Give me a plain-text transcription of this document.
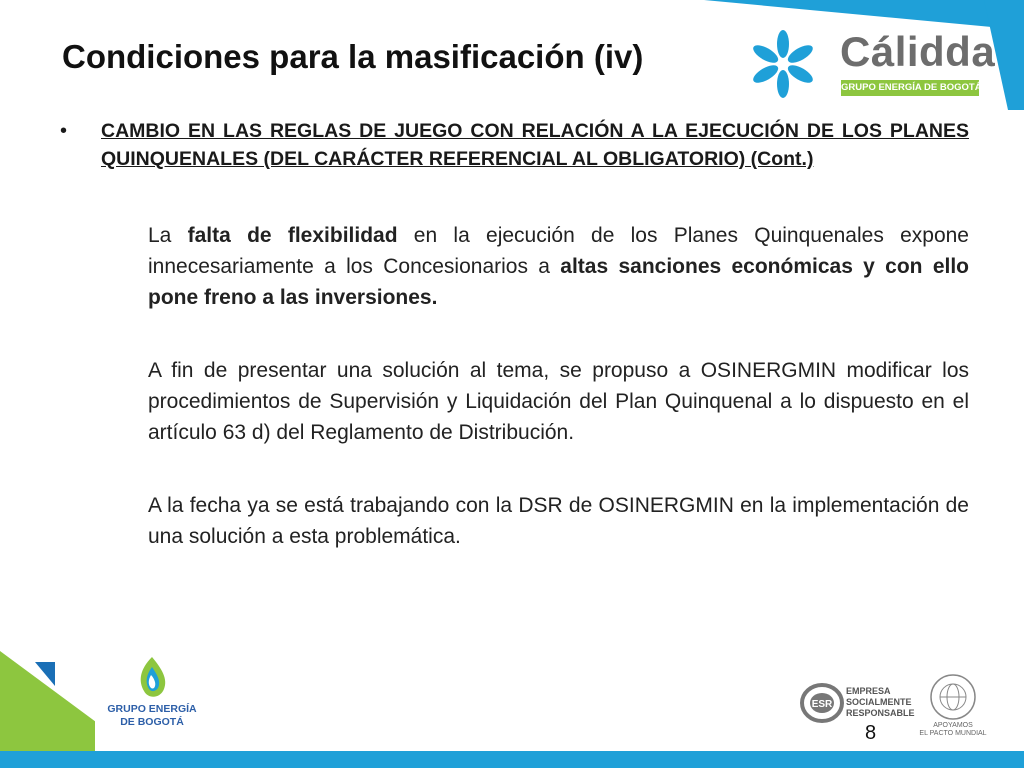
Condiciones para la masificación (iv)	Cálidda
GRUPO ENERGÍA DE BOGOTÁ
• CAMBIO EN LAS REGLAS DE JUEGO CON RELACIÓN A LA EJECUCIÓN DE LOS PLANES QUINQUENALES (DEL CARÁCTER REFERENCIAL AL OBLIGATORIO) (Cont.)
La falta de flexibilidad en la ejecución de los Planes Quinquenales expone innecesariamente a los Concesionarios a altas sanciones económicas y con ello pone freno a las inversiones.
A fin de presentar una solución al tema, se propuso a OSINERGMIN modificar los procedimientos de Supervisión y Liquidación del Plan Quinquenal a lo dispuesto en el artículo 63 d) del Reglamento de Distribución.
A la fecha ya se está trabajando con la DSR de OSINERGMIN en la implementación de una solución a esta problemática.
GRUPO ENERGÍA
DE BOGOTÁ
ESR
EMPRESA
SOCIALMENTE
RESPONSABLE
APOYAMOS
EL PACTO MUNDIAL
8
